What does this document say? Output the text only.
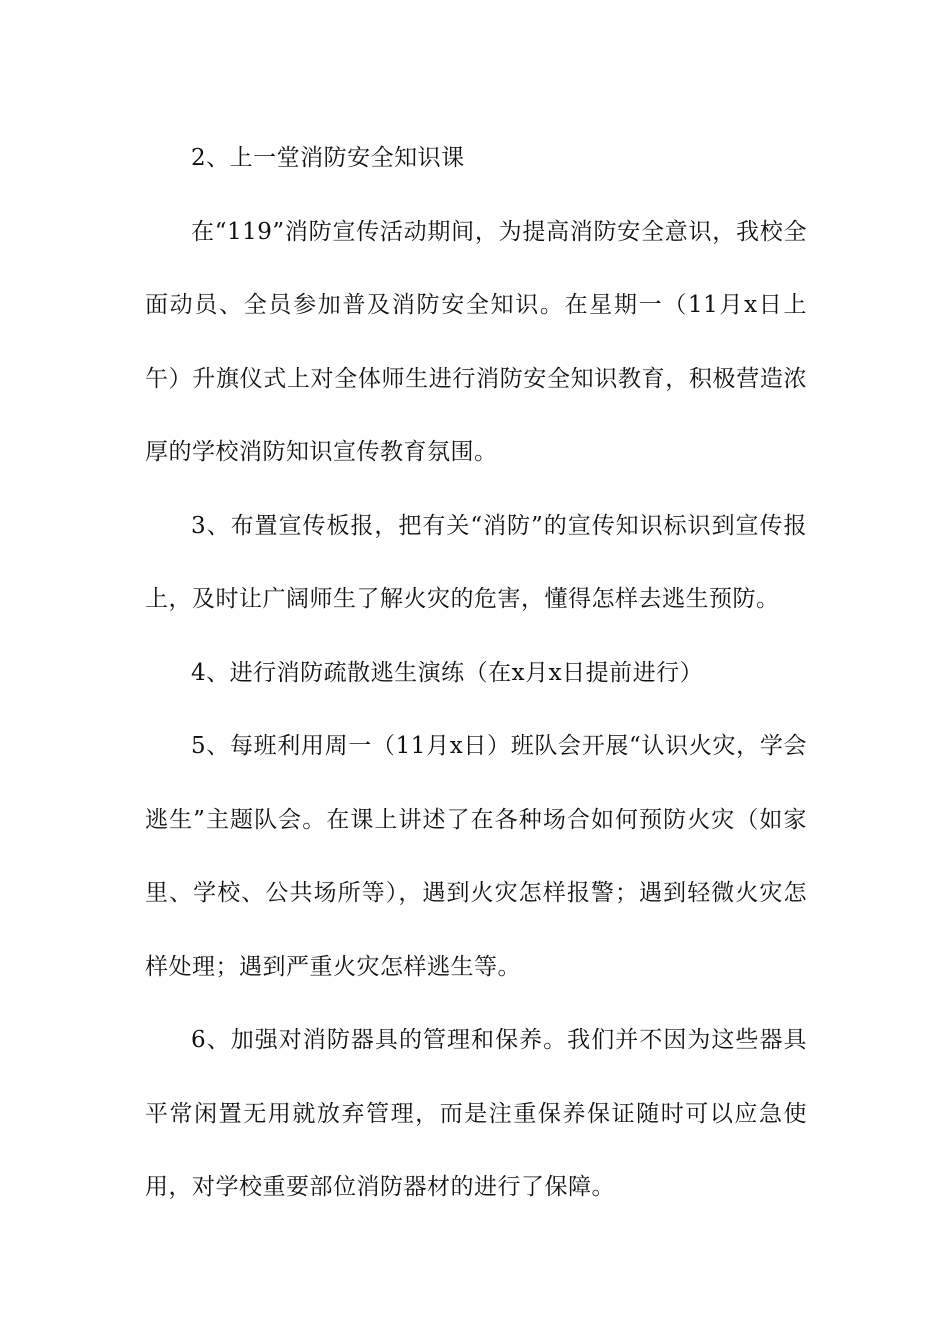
2、上一堂消防安全知识课

在“119”消防宣传活动期间，为提高消防安全意识，我校全面动员、全员参加普及消防安全知识。在星期一（11月x日上午）升旗仪式上对全体师生进行消防安全知识教育，积极营造浓厚的学校消防知识宣传教育氛围。

3、布置宣传板报，把有关“消防”的宣传知识标识到宣传报上，及时让广阔师生了解火灾的危害，懂得怎样去逃生预防。

4、进行消防疏散逃生演练（在x月x日提前进行）

5、每班利用周一（11月x日）班队会开展“认识火灾，学会逃生”主题队会。在课上讲述了在各种场合如何预防火灾（如家里、学校、公共场所等），遇到火灾怎样报警；遇到轻微火灾怎样处理；遇到严重火灾怎样逃生等。

6、加强对消防器具的管理和保养。我们并不因为这些器具平常闲置无用就放弃管理，而是注重保养保证随时可以应急使用，对学校重要部位消防器材的进行了保障。
